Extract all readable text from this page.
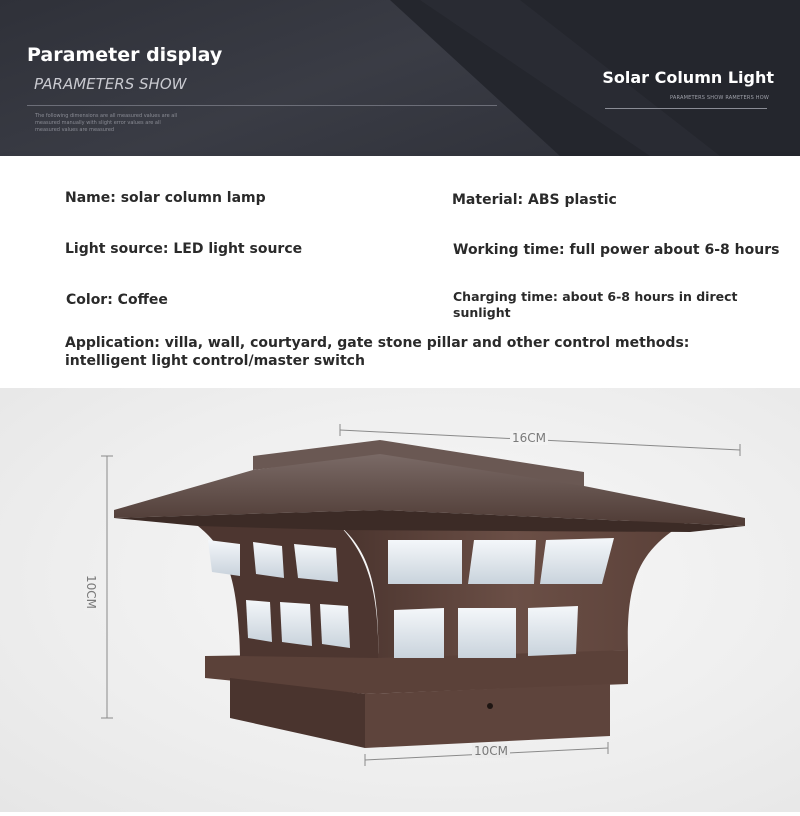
Parameter display
PARAMETERS SHOW
The following dimensions are all measured values are all measured manually with slight error values are all measured values are measured
Solar Column Light
PARAMETERS SHOW RAMETERS HOW
Name: solar column lamp	Material: ABS plastic
Light source: LED light source	Working time: full power about 6-8 hours
Color: Coffee	Charging time: about 6-8 hours in direct sunlight
Application: villa, wall, courtyard, gate stone pillar and other control methods: intelligent light control/master switch
16CM
10CM
10CM
